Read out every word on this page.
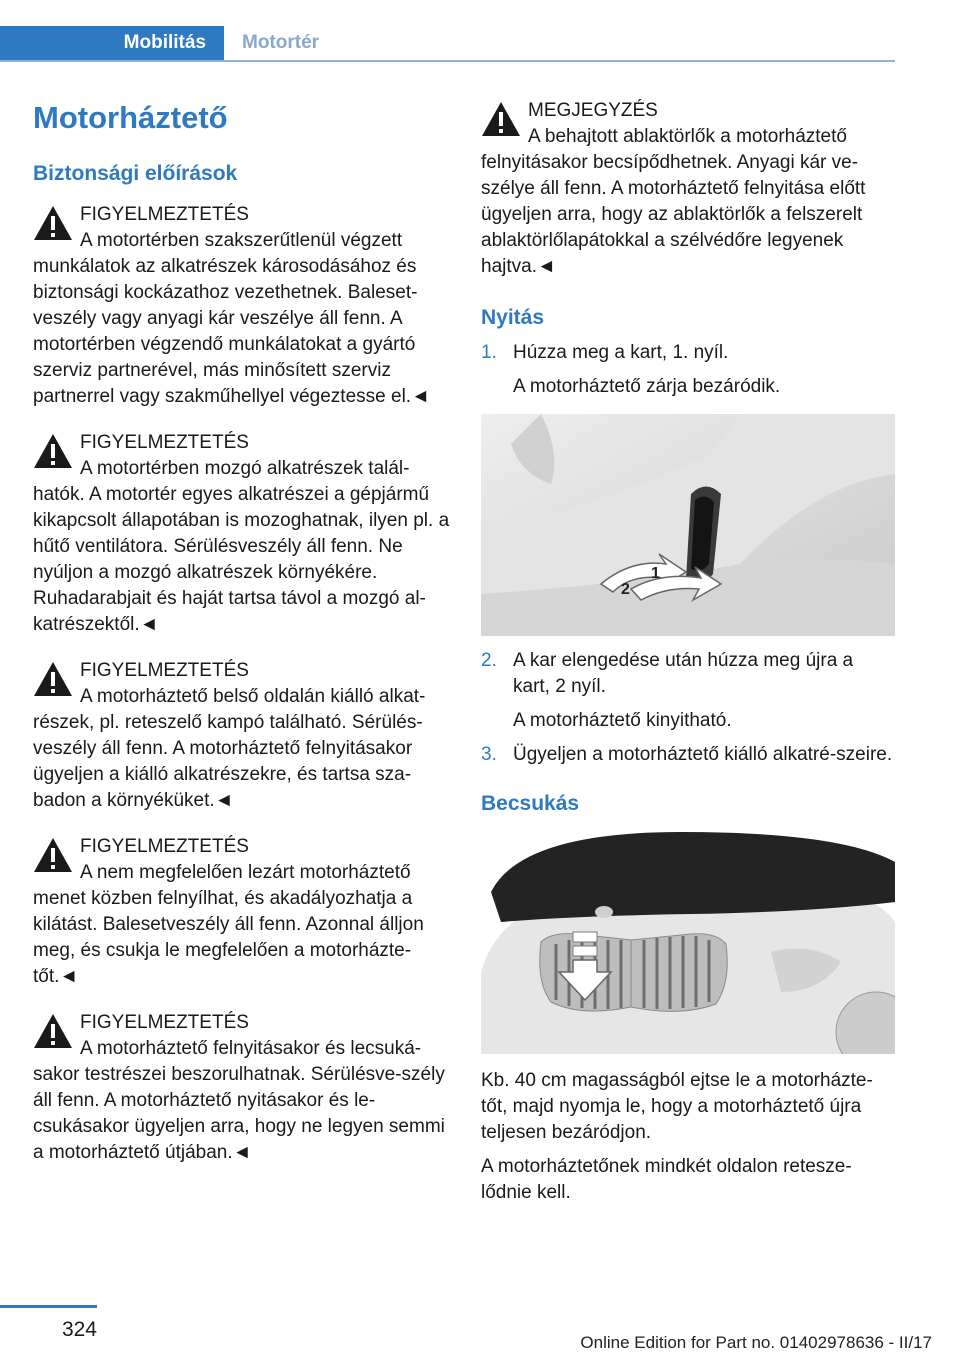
Mobilitás	Motortér
Motorháztető
Biztonsági előírások
FIGYELMEZTETÉS
A motortérben szakszerűtlenül végzett munkálatok az alkatrészek károsodásához és biztonsági kockázathoz vezethetnek. Baleset-veszély vagy anyagi kár veszélye áll fenn. A motortérben végzendő munkálatokat a gyártó szerviz partnerével, más minősített szerviz partnerrel vagy szakműhellyel végeztesse el.◄
FIGYELMEZTETÉS
A motortérben mozgó alkatrészek talál-hatók. A motortér egyes alkatrészei a gépjármű kikapcsolt állapotában is mozoghatnak, ilyen pl. a hűtő ventilátora. Sérülésveszély áll fenn. Ne nyúljon a mozgó alkatrészek környékére. Ruhadarabjait és haját tartsa távol a mozgó al-katrészektől.◄
FIGYELMEZTETÉS
A motorháztető belső oldalán kiálló alkat-részek, pl. reteszelő kampó található. Sérülés-veszély áll fenn. A motorháztető felnyitásakor ügyeljen a kiálló alkatrészekre, és tartsa sza-badon a környéküket.◄
FIGYELMEZTETÉS
A nem megfelelően lezárt motorháztető menet közben felnyílhat, és akadályozhatja a kilátást. Balesetveszély áll fenn. Azonnal álljon meg, és csukja le megfelelően a motorházte-tőt.◄
FIGYELMEZTETÉS
A motorháztető felnyitásakor és lecsuká-sakor testrészei beszorulhatnak. Sérülésve-szély áll fenn. A motorháztető nyitásakor és le-csukásakor ügyeljen arra, hogy ne legyen semmi a motorháztető útjában.◄
MEGJEGYZÉS
A behajtott ablaktörlők a motorháztető felnyitásakor becsípődhetnek. Anyagi kár ve-szélye áll fenn. A motorháztető felnyitása előtt ügyeljen arra, hogy az ablaktörlők a felszerelt ablaktörlőlapátokkal a szélvédőre legyenek hajtva.◄
Nyitás
1. Húzza meg a kart, 1. nyíl.
A motorháztető zárja bezáródik.
1
2
2. A kar elengedése után húzza meg újra a kart, 2 nyíl.
A motorháztető kinyitható.
3. Ügyeljen a motorháztető kiálló alkatré-szeire.
Becsukás

Kb. 40 cm magasságból ejtse le a motorházte-tőt, majd nyomja le, hogy a motorháztető újra teljesen bezáródjon.

A motorháztetőnek mindkét oldalon retesze-lődnie kell.

324
Online Edition for Part no. 01402978636 - II/17
